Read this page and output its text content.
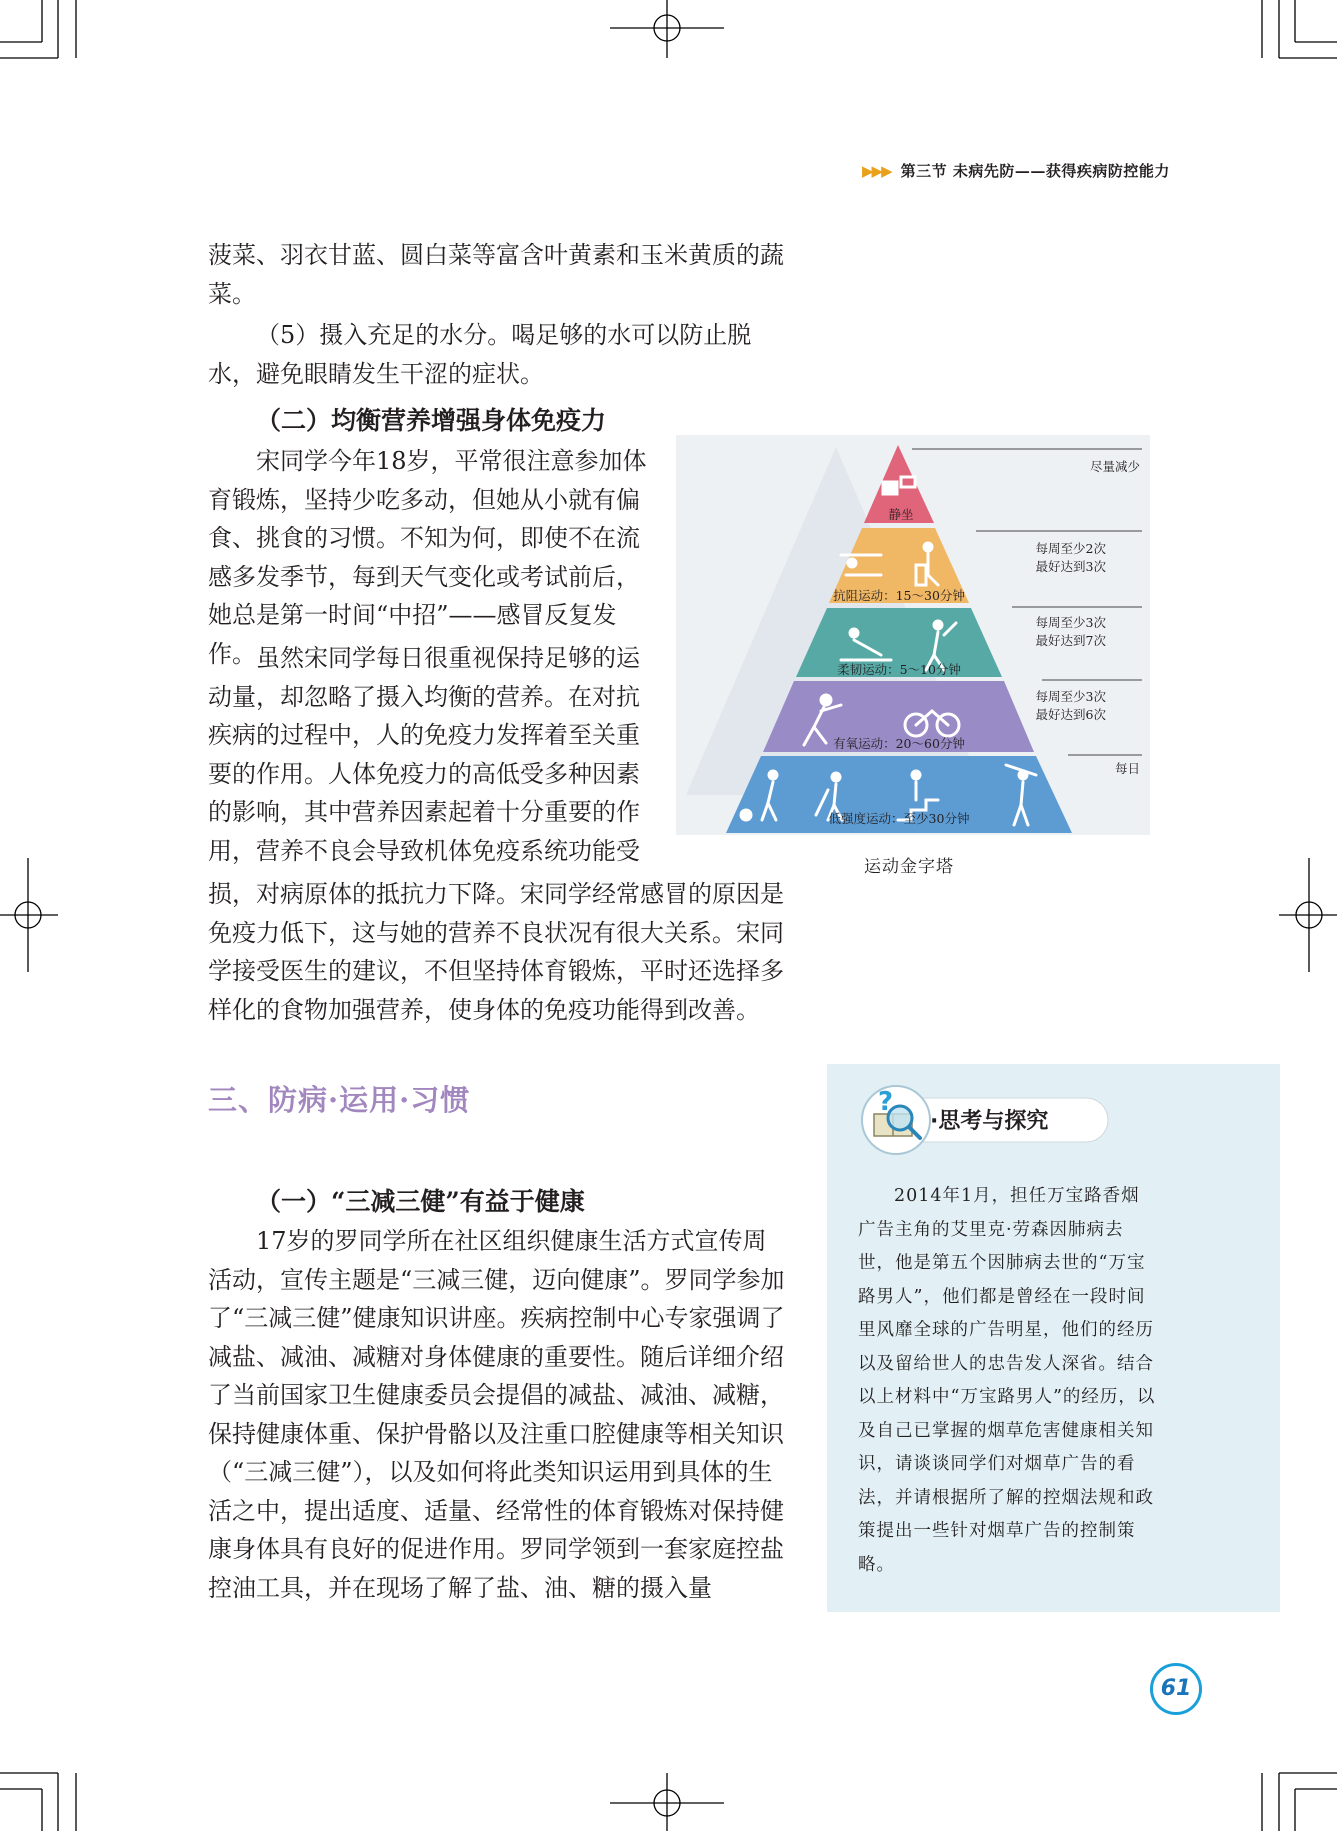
▶▶▶ 第三节 未病先防——获得疾病防控能力

菠菜、羽衣甘蓝、圆白菜等富含叶黄素和玉米黄质的蔬菜。

（5）摄入充足的水分。喝足够的水可以防止脱水，避免眼睛发生干涩的症状。

（二）均衡营养增强身体免疫力

宋同学今年18岁，平常很注意参加体育锻炼，坚持少吃多动，但她从小就有偏食、挑食的习惯。不知为何，即使不在流感多发季节，每到天气变化或考试前后，她总是第一时间“中招”——感冒反复发作。 虽然宋同学每日很重视保持足够的运动量，却忽略了摄入均衡的营养。在对抗疾病的过程中，人的免疫力发挥着至关重要的作用。人体免疫力的高低受多种因素的影响，其中营养因素起着十分重要的作用，营养不良会导致机体免疫系统功能受

损，对病原体的抵抗力下降。宋同学经常感冒的原因是免疫力低下，这与她的营养不良状况有很大关系。宋同学接受医生的建议，不但坚持体育锻炼，平时还选择多样化的食物加强营养，使身体的免疫功能得到改善。

静坐
抗阻运动：15～30分钟
柔韧运动：5～10分钟
有氧运动：20～60分钟
低强度运动：至少30分钟
尽量减少
每周至少2次
最好达到3次
每周至少3次
最好达到7次
每周至少3次
最好达到6次
每日
运动金字塔
三、防病·运用·习惯
（一）“三减三健”有益于健康

17岁的罗同学所在社区组织健康生活方式宣传周活动，宣传主题是“三减三健，迈向健康”。罗同学参加了“三减三健”健康知识讲座。疾病控制中心专家强调了减盐、减油、减糖对身体健康的重要性。随后详细介绍了当前国家卫生健康委员会提倡的减盐、减油、减糖，保持健康体重、保护骨骼以及注重口腔健康等相关知识（“三减三健”），以及如何将此类知识运用到具体的生活之中，提出适度、适量、经常性的体育锻炼对保持健康身体具有良好的促进作用。罗同学领到一套家庭控盐控油工具，并在现场了解了盐、油、糖的摄入量

?
·思考与探究

2014年1月，担任万宝路香烟广告主角的艾里克·劳森因肺病去世，他是第五个因肺病去世的“万宝路男人”，他们都是曾经在一段时间里风靡全球的广告明星，他们的经历以及留给世人的忠告发人深省。结合以上材料中“万宝路男人”的经历，以及自己已掌握的烟草危害健康相关知识，请谈谈同学们对烟草广告的看法，并请根据所了解的控烟法规和政策提出一些针对烟草广告的控制策略。

61
